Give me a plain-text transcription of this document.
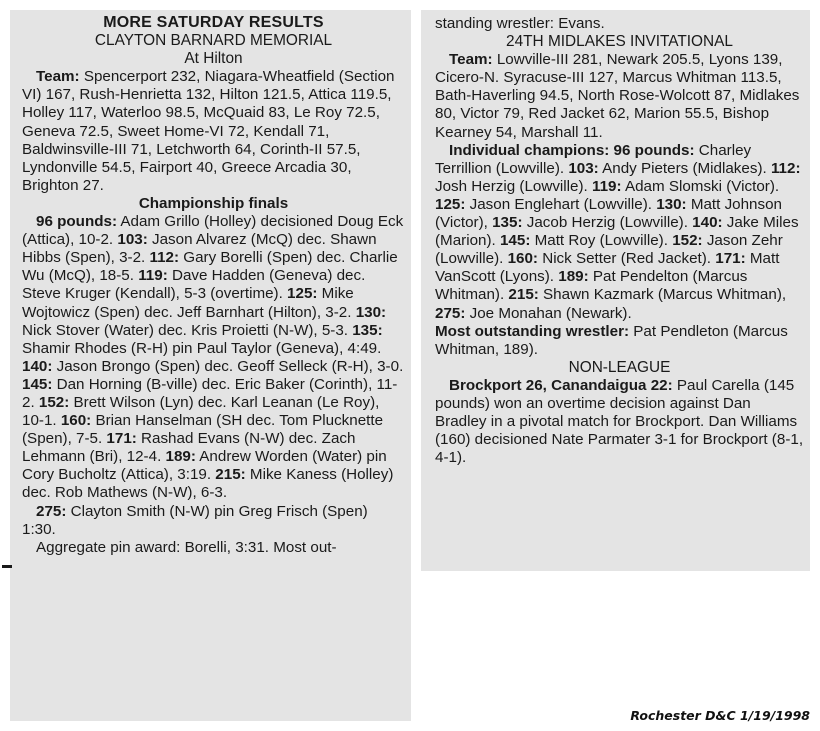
MORE SATURDAY RESULTS

CLAYTON BARNARD MEMORIAL

At Hilton

Team: Spencerport 232, Niagara-Wheatfield (Section VI) 167, Rush-Henrietta 132, Hilton 121.5, Attica 119.5, Holley 117, Waterloo 98.5, McQuaid 83, Le Roy 72.5, Geneva 72.5, Sweet Home-VI 72, Kendall 71, Baldwinsville-III 71, Letchworth 64, Corinth-II 57.5, Lyndonville 54.5, Fairport 40, Greece Arcadia 30, Brighton 27.

Championship finals

96 pounds: Adam Grillo (Holley) decisioned Doug Eck (Attica), 10-2. 103: Jason Alvarez (McQ) dec. Shawn Hibbs (Spen), 3-2. 112: Gary Borelli (Spen) dec. Charlie Wu (McQ), 18-5. 119: Dave Hadden (Geneva) dec. Steve Kruger (Kendall), 5-3 (overtime). 125: Mike Wojtowicz (Spen) dec. Jeff Barnhart (Hilton), 3-2. 130: Nick Stover (Water) dec. Kris Proietti (N-W), 5-3. 135: Shamir Rhodes (R-H) pin Paul Taylor (Geneva), 4:49. 140: Jason Brongo (Spen) dec. Geoff Selleck (R-H), 3-0. 145: Dan Horning (B-ville) dec. Eric Baker (Corinth), 11-2. 152: Brett Wilson (Lyn) dec. Karl Leanan (Le Roy), 10-1. 160: Brian Hanselman (SH dec. Tom Plucknette (Spen), 7-5. 171: Rashad Evans (N-W) dec. Zach Lehmann (Bri), 12-4. 189: Andrew Worden (Water) pin Cory Bucholtz (Attica), 3:19. 215: Mike Kaness (Holley) dec. Rob Mathews (N-W), 6-3.

275: Clayton Smith (N-W) pin Greg Frisch (Spen) 1:30.

Aggregate pin award: Borelli, 3:31. Most out-

standing wrestler: Evans.

24TH MIDLAKES INVITATIONAL

Team: Lowville-III 281, Newark 205.5, Lyons 139, Cicero-N. Syracuse-III 127, Marcus Whitman 113.5, Bath-Haverling 94.5, North Rose-Wolcott 87, Midlakes 80, Victor 79, Red Jacket 62, Marion 55.5, Bishop Kearney 54, Marshall 11.

Individual champions: 96 pounds: Charley Terrillion (Lowville). 103: Andy Pieters (Midlakes). 112: Josh Herzig (Lowville). 119: Adam Slomski (Victor). 125: Jason Englehart (Lowville). 130: Matt Johnson (Victor), 135: Jacob Herzig (Lowville). 140: Jake Miles (Marion). 145: Matt Roy (Lowville). 152: Jason Zehr (Lowville). 160: Nick Setter (Red Jacket). 171: Matt VanScott (Lyons). 189: Pat Pendelton (Marcus Whitman). 215: Shawn Kazmark (Marcus Whitman), 275: Joe Monahan (Newark).

Most outstanding wrestler: Pat Pendleton (Marcus Whitman, 189).

NON-LEAGUE

Brockport 26, Canandaigua 22: Paul Carella (145 pounds) won an overtime decision against Dan Bradley in a pivotal match for Brockport. Dan Williams (160) decisioned Nate Parmater 3-1 for Brockport (8-1, 4-1).

Rochester D&C 1/19/1998
